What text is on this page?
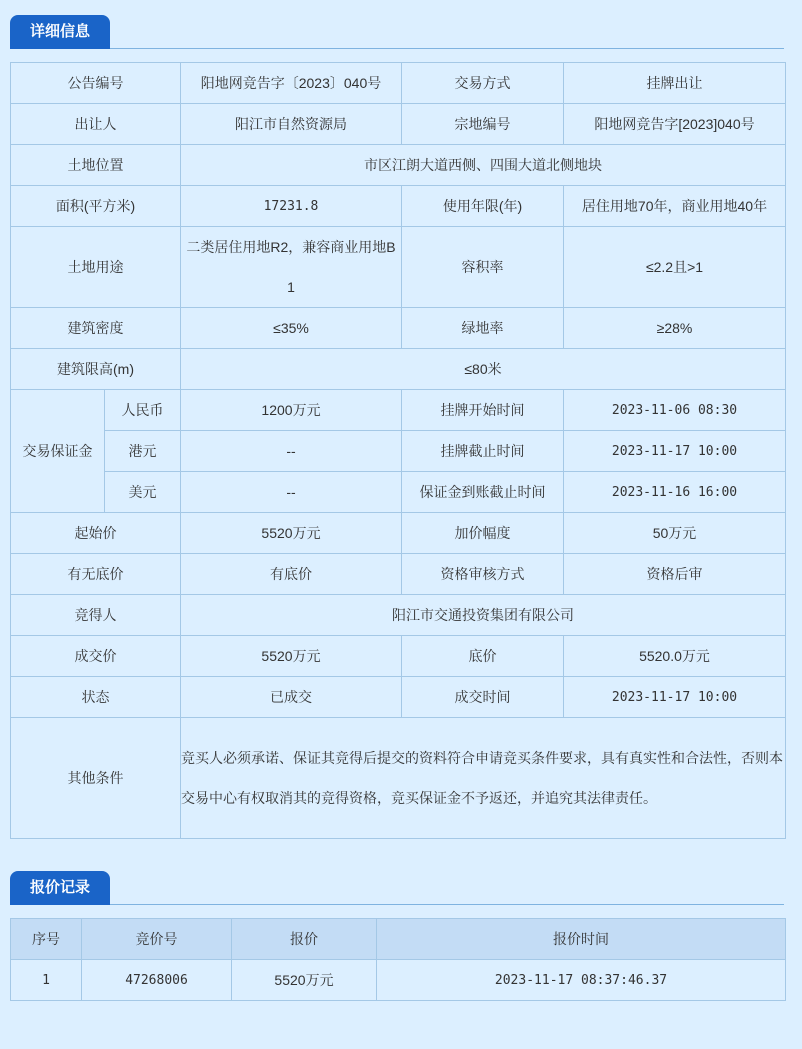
详细信息
公告编号		阳地网竞告字〔2023〕040号	交易方式	挂牌出让
出让人		阳江市自然资源局	宗地编号	阳地网竞告字[2023]040号
土地位置		市区江朗大道西侧、四围大道北侧地块		
面积(平方米)		17231.8	使用年限(年)	居住用地70年，商业用地40年
土地用途		二类居住用地R2，兼容商业用地B1	容积率	≤2.2且>1
建筑密度		≤35%	绿地率	≥28%
建筑限高(m)		≤80米		
交易保证金	人民币	1200万元	挂牌开始时间	2023-11-06 08:30
	港元	--	挂牌截止时间	2023-11-17 10:00
	美元	--	保证金到账截止时间	2023-11-16 16:00
起始价		5520万元	加价幅度	50万元
有无底价		有底价	资格审核方式	资格后审
竞得人		阳江市交通投资集团有限公司		
成交价		5520万元	底价	5520.0万元
状态		已成交	成交时间	2023-11-17 10:00
其他条件		竞买人必须承诺、保证其竞得后提交的资料符合申请竞买条件要求，具有真实性和合法性，否则本交易中心有权取消其的竞得资格，竞买保证金不予返还，并追究其法律责任。		
报价记录
序号	竞价号	报价	报价时间
1	47268006	5520万元	2023-11-17 08:37:46.37
